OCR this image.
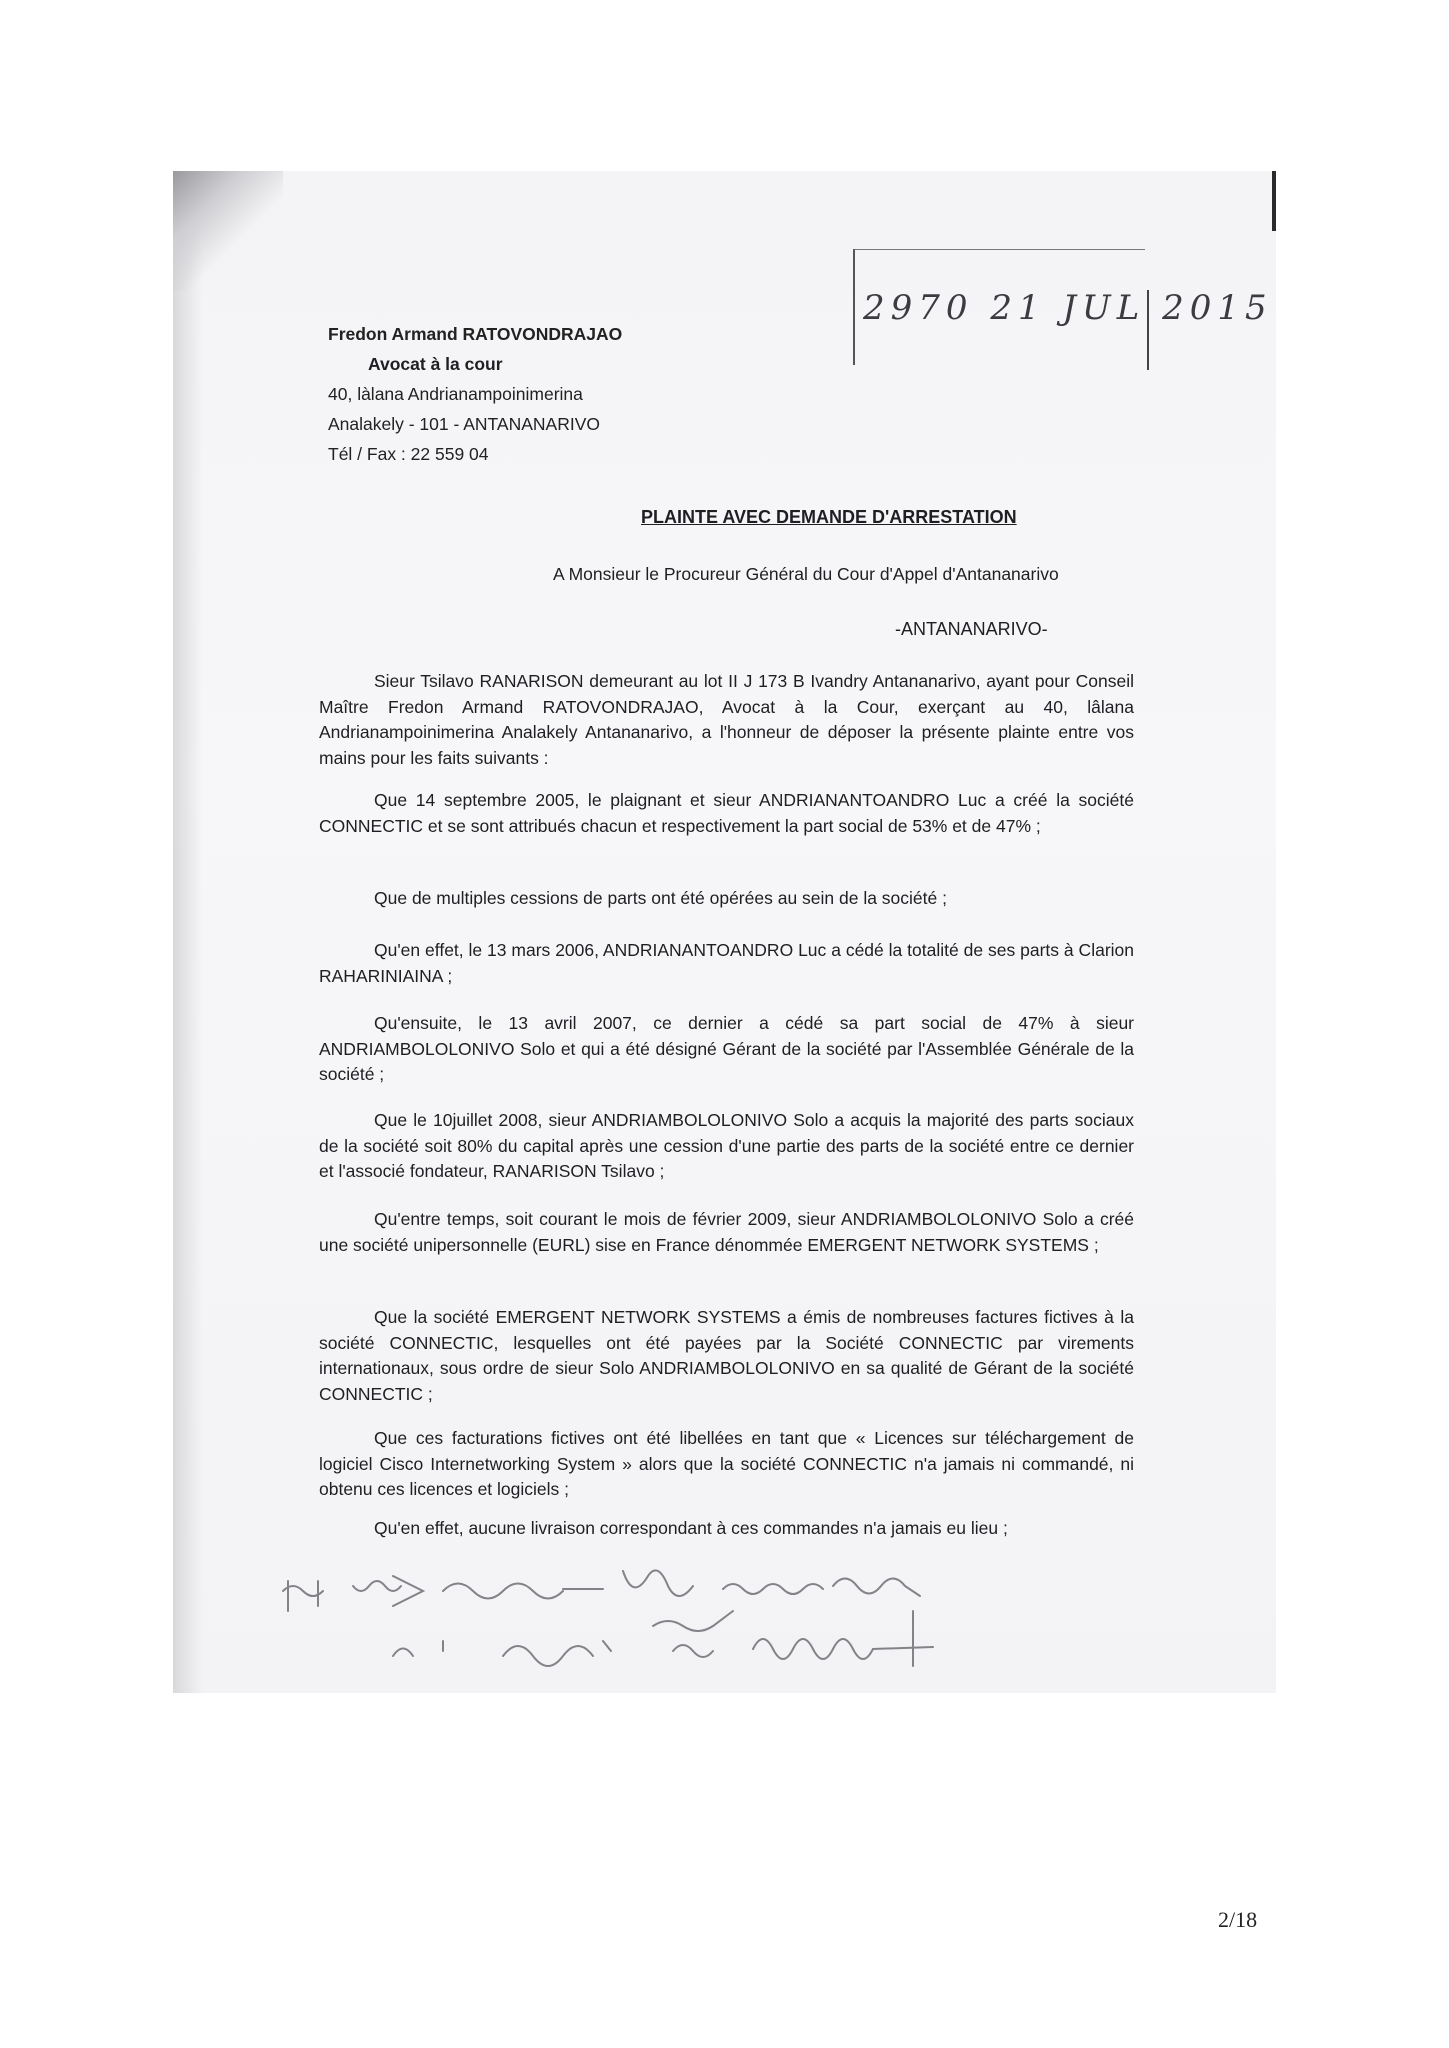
2970 21 JUL 2015
Fredon Armand RATOVONDRAJAO
Avocat à la cour
40, làlana Andrianampoinimerina
Analakely - 101 - ANTANANARIVO
Tél / Fax : 22 559 04
PLAINTE AVEC DEMANDE D'ARRESTATION
A Monsieur le Procureur Général du Cour d'Appel d'Antananarivo
-ANTANANARIVO-
Sieur Tsilavo RANARISON demeurant au lot II J 173 B Ivandry Antananarivo, ayant pour Conseil Maître Fredon Armand RATOVONDRAJAO, Avocat à la Cour, exerçant au 40, lâlana Andrianampoinimerina Analakely Antananarivo, a l'honneur de déposer la présente plainte entre vos mains pour les faits suivants :
Que 14 septembre 2005, le plaignant et sieur ANDRIANANTOANDRO Luc a créé la société CONNECTIC et se sont attribués chacun et respectivement la part social de 53% et de 47% ;
Que de multiples cessions de parts ont été opérées au sein de la société ;
Qu'en effet, le 13 mars 2006, ANDRIANANTOANDRO Luc a cédé la totalité de ses parts à Clarion RAHARINIAINA ;
Qu'ensuite, le 13 avril 2007, ce dernier a cédé sa part social de 47% à sieur ANDRIAMBOLOLONIVO Solo et qui a été désigné Gérant de la société par l'Assemblée Générale de la société ;
Que le 10juillet 2008, sieur ANDRIAMBOLOLONIVO Solo a acquis la majorité des parts sociaux de la société soit 80% du capital après une cession d'une partie des parts de la société entre ce dernier et l'associé fondateur, RANARISON Tsilavo ;
Qu'entre temps, soit courant le mois de février 2009, sieur ANDRIAMBOLOLONIVO Solo a créé une société unipersonnelle (EURL) sise en France dénommée EMERGENT NETWORK SYSTEMS ;
Que la société EMERGENT NETWORK SYSTEMS a émis de nombreuses factures fictives à la société CONNECTIC, lesquelles ont été payées par la Société CONNECTIC par virements internationaux, sous ordre de sieur Solo ANDRIAMBOLOLONIVO en sa qualité de Gérant de la société CONNECTIC ;
Que ces facturations fictives ont été libellées en tant que « Licences sur téléchargement de logiciel Cisco Internetworking System » alors que la société CONNECTIC n'a jamais ni commandé, ni obtenu ces licences et logiciels ;
Qu'en effet, aucune livraison correspondant à ces commandes n'a jamais eu lieu ;
2/18
